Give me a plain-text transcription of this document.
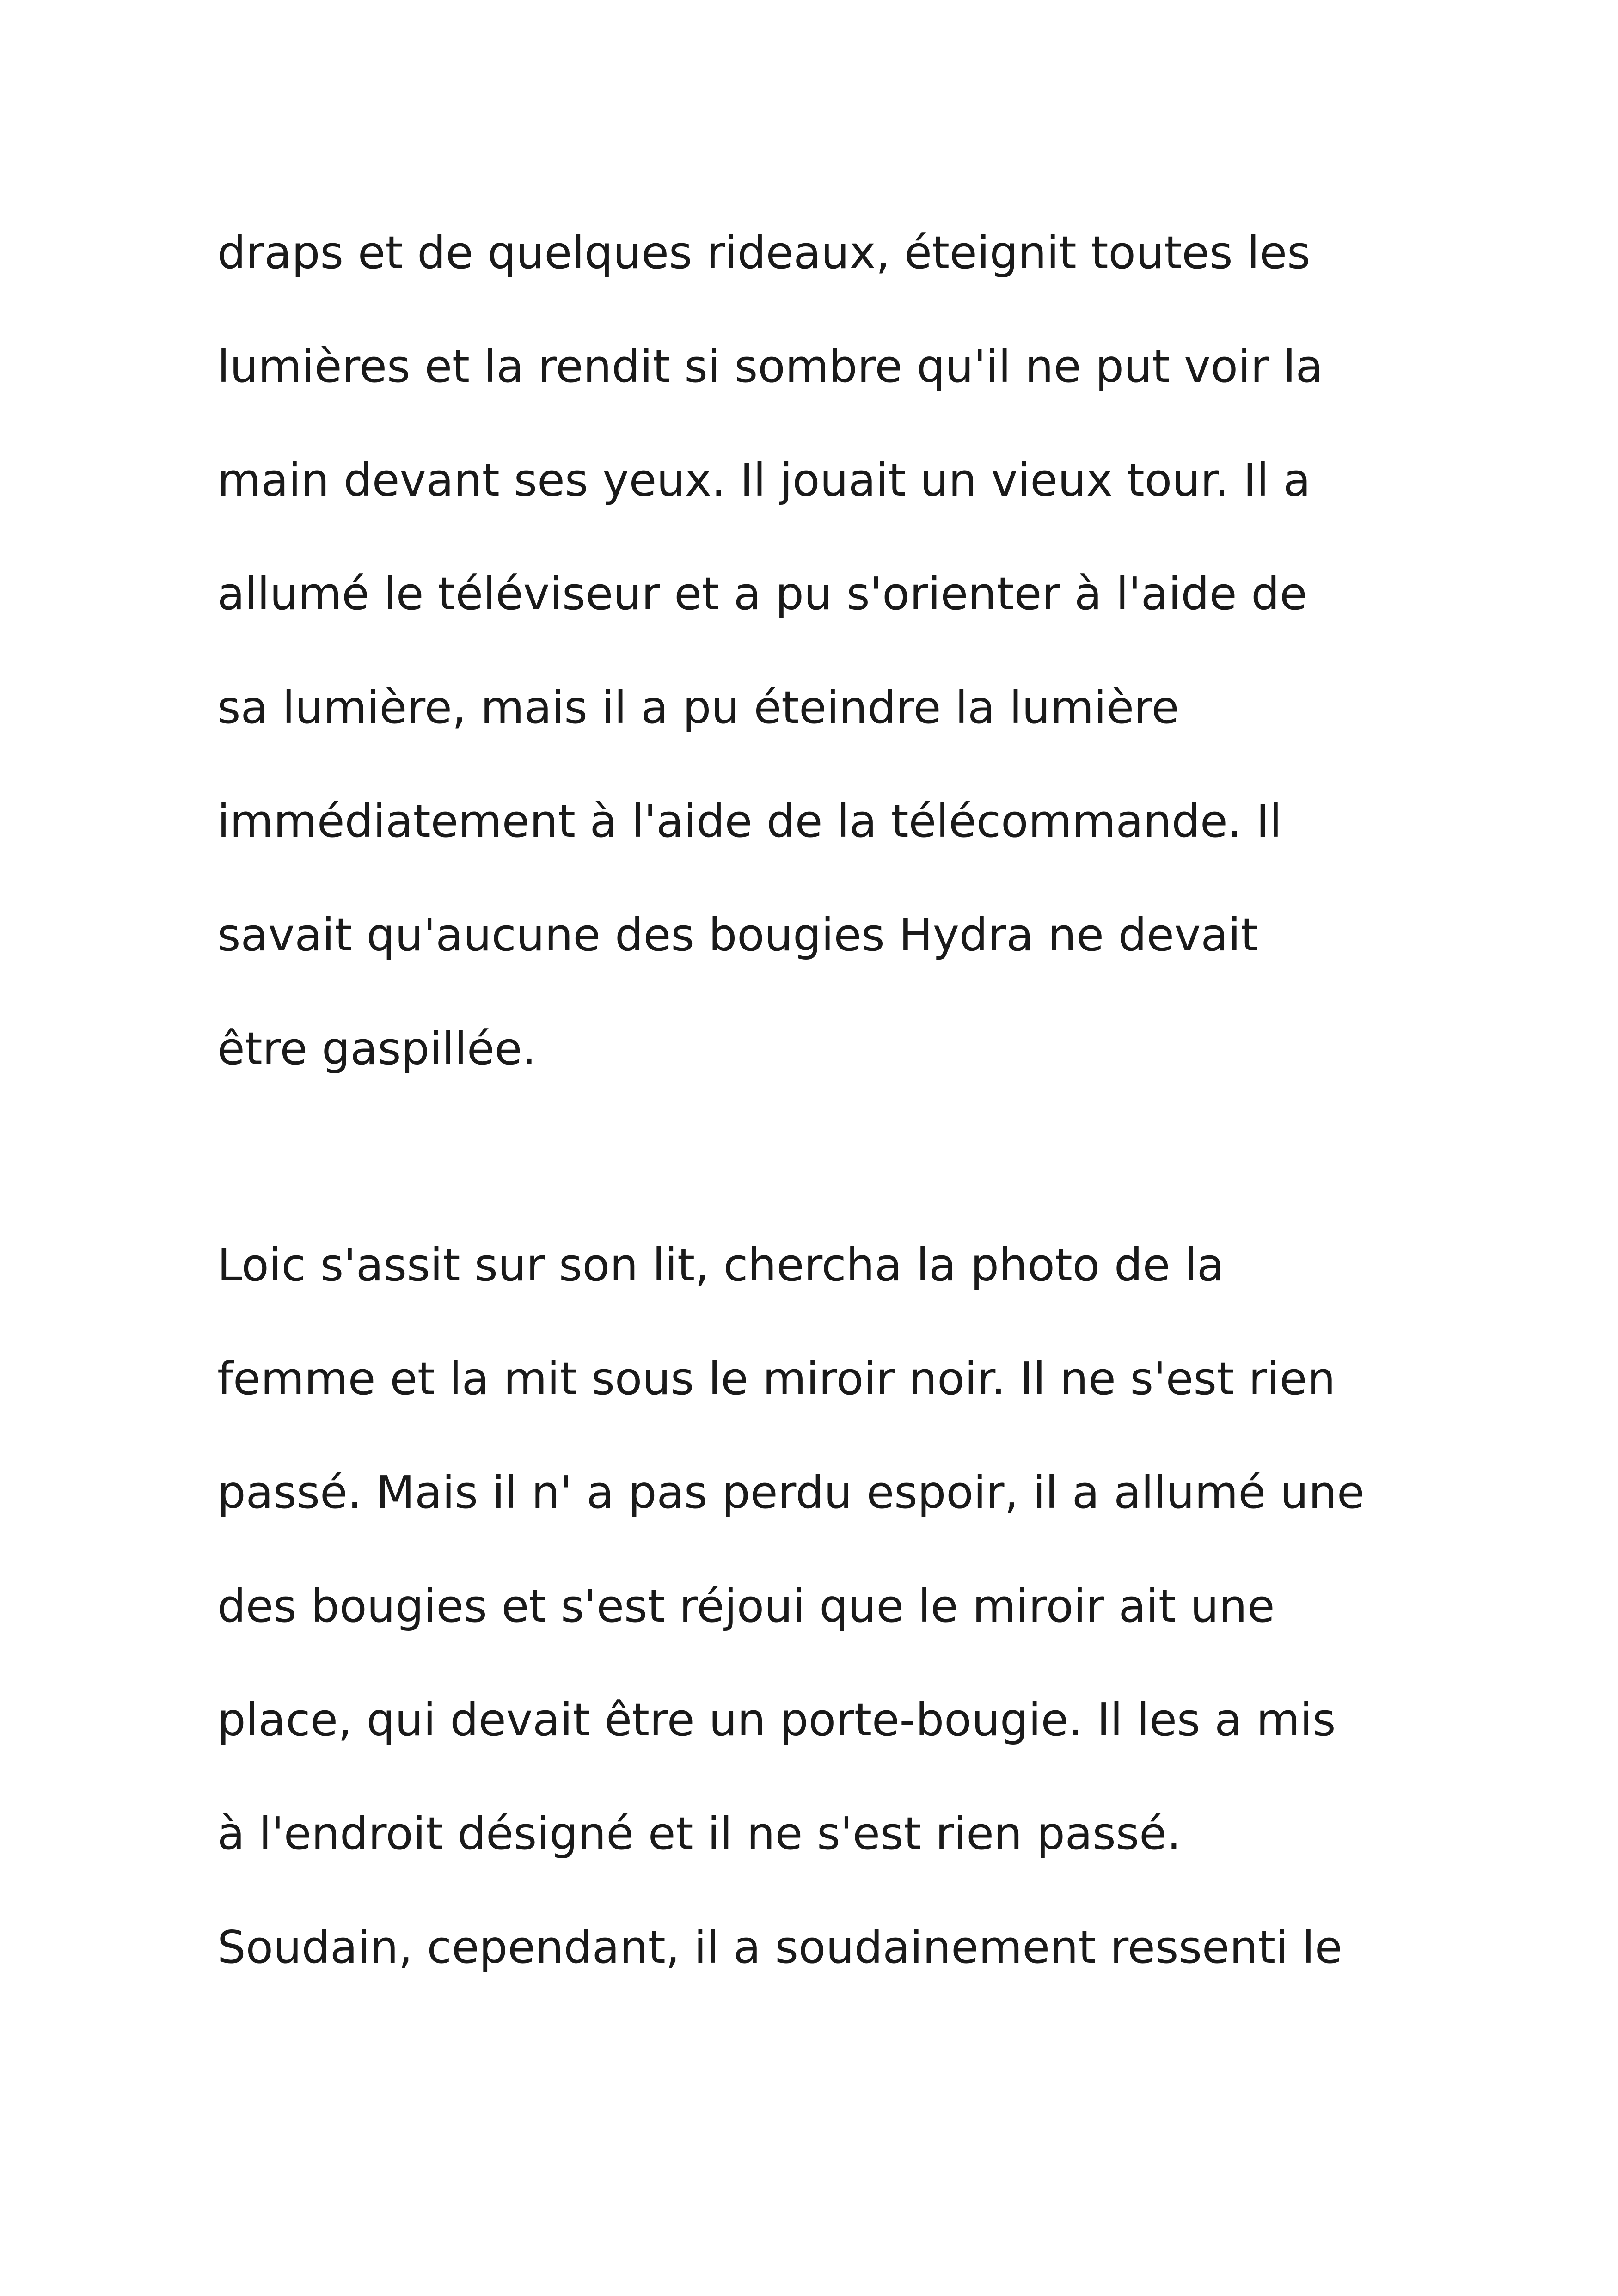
draps et de quelques rideaux, éteignit toutes les
lumières et la rendit si sombre qu'il ne put voir la
main devant ses yeux. Il jouait un vieux tour. Il a
allumé le téléviseur et a pu s'orienter à l'aide de
sa lumière, mais il a pu éteindre la lumière
immédiatement à l'aide de la télécommande. Il
savait qu'aucune des bougies Hydra ne devait
être gaspillée.
Loic s'assit sur son lit, chercha la photo de la
femme et la mit sous le miroir noir. Il ne s'est rien
passé. Mais il n' a pas perdu espoir, il a allumé une
des bougies et s'est réjoui que le miroir ait une
place, qui devait être un porte-bougie. Il les a mis
à l'endroit désigné et il ne s'est rien passé.
Soudain, cependant, il a soudainement ressenti le
